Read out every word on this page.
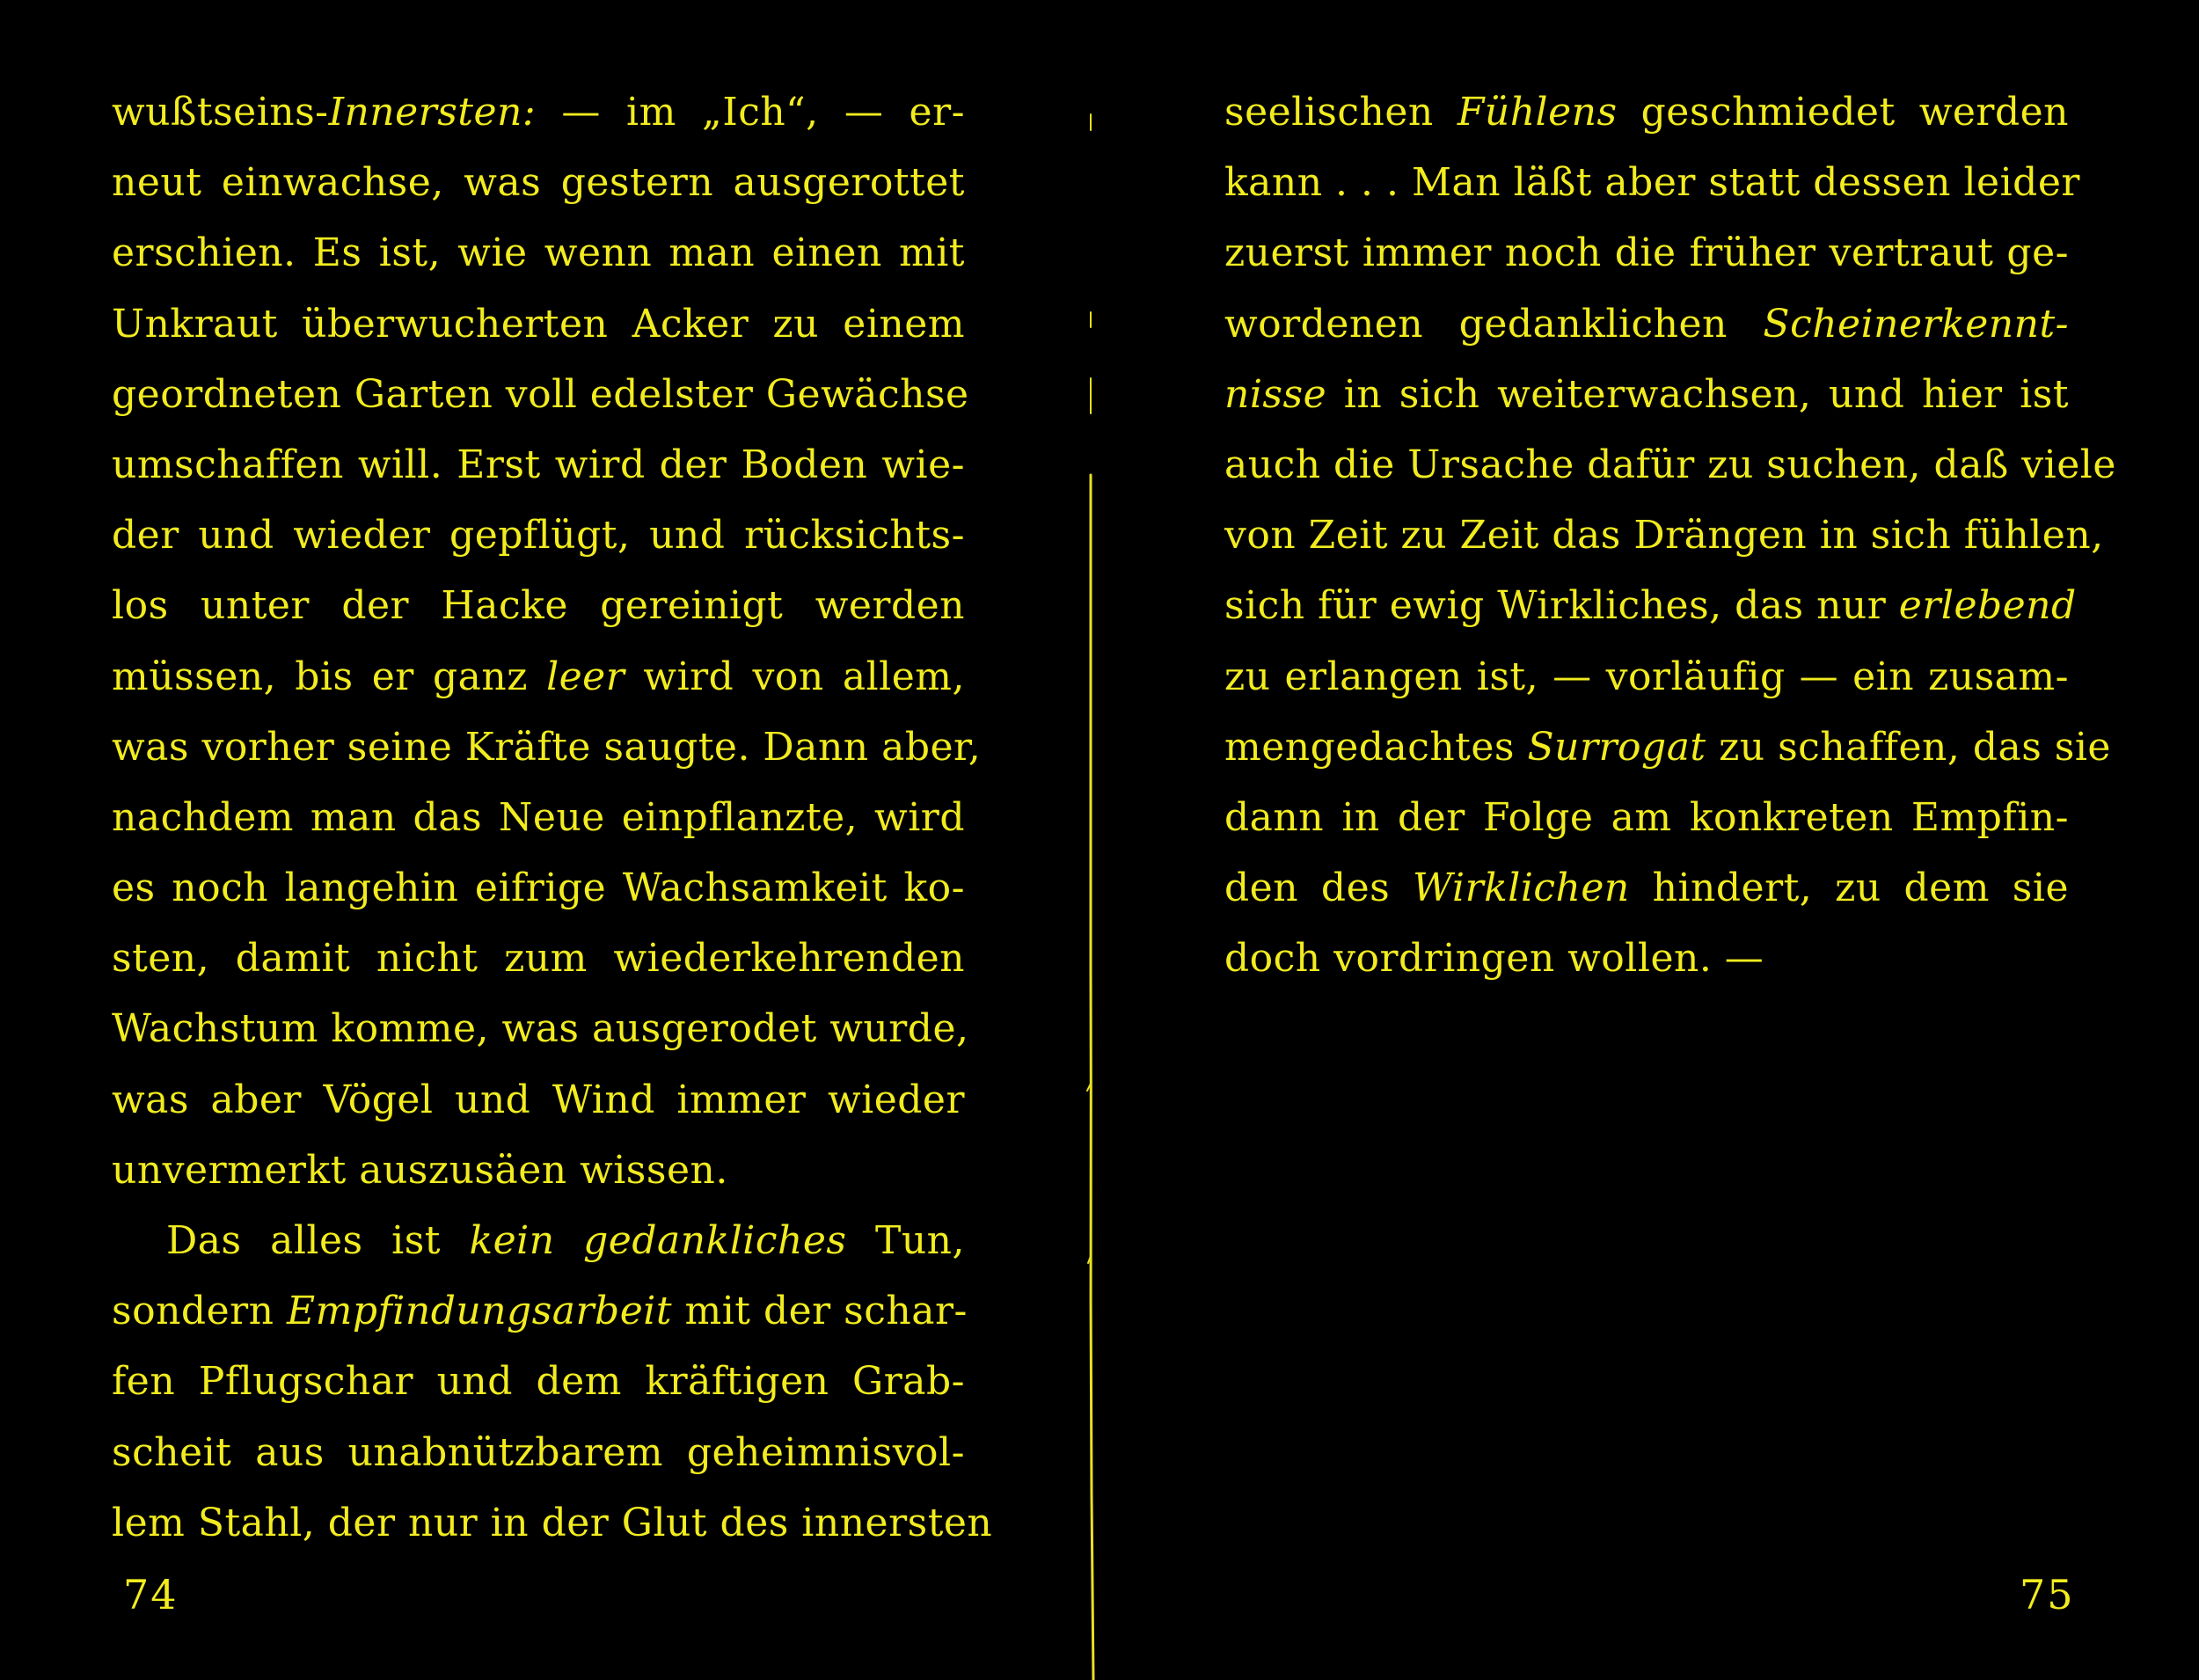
wußtseins-Innersten: — im „Ich“, — er-
neut einwachse, was gestern ausgerottet
erschien. Es ist, wie wenn man einen mit
Unkraut überwucherten Acker zu einem
geordneten Garten voll edelster Gewächse
umschaffen will. Erst wird der Boden wie-
der und wieder gepflügt, und rücksichts-
los unter der Hacke gereinigt werden
müssen, bis er ganz leer wird von allem,
was vorher seine Kräfte saugte. Dann aber,
nachdem man das Neue einpflanzte, wird
es noch langehin eifrige Wachsamkeit ko-
sten, damit nicht zum wiederkehrenden
Wachstum komme, was ausgerodet wurde,
was aber Vögel und Wind immer wieder
unvermerkt auszusäen wissen.
Das alles ist kein gedankliches Tun,
sondern Empfindungsarbeit mit der schar-
fen Pflugschar und dem kräftigen Grab-
scheit aus unabnützbarem geheimnisvol-
lem Stahl, der nur in der Glut des innersten
seelischen Fühlens geschmiedet werden
kann . . . Man läßt aber statt dessen leider
zuerst immer noch die früher vertraut ge-
wordenen gedanklichen Scheinerkennt-
nisse in sich weiterwachsen, und hier ist
auch die Ursache dafür zu suchen, daß viele
von Zeit zu Zeit das Drängen in sich fühlen,
sich für ewig Wirkliches, das nur erlebend
zu erlangen ist, — vorläufig — ein zusam-
mengedachtes Surrogat zu schaffen, das sie
dann in der Folge am konkreten Empfin-
den des Wirklichen hindert, zu dem sie
doch vordringen wollen. —
74	75
